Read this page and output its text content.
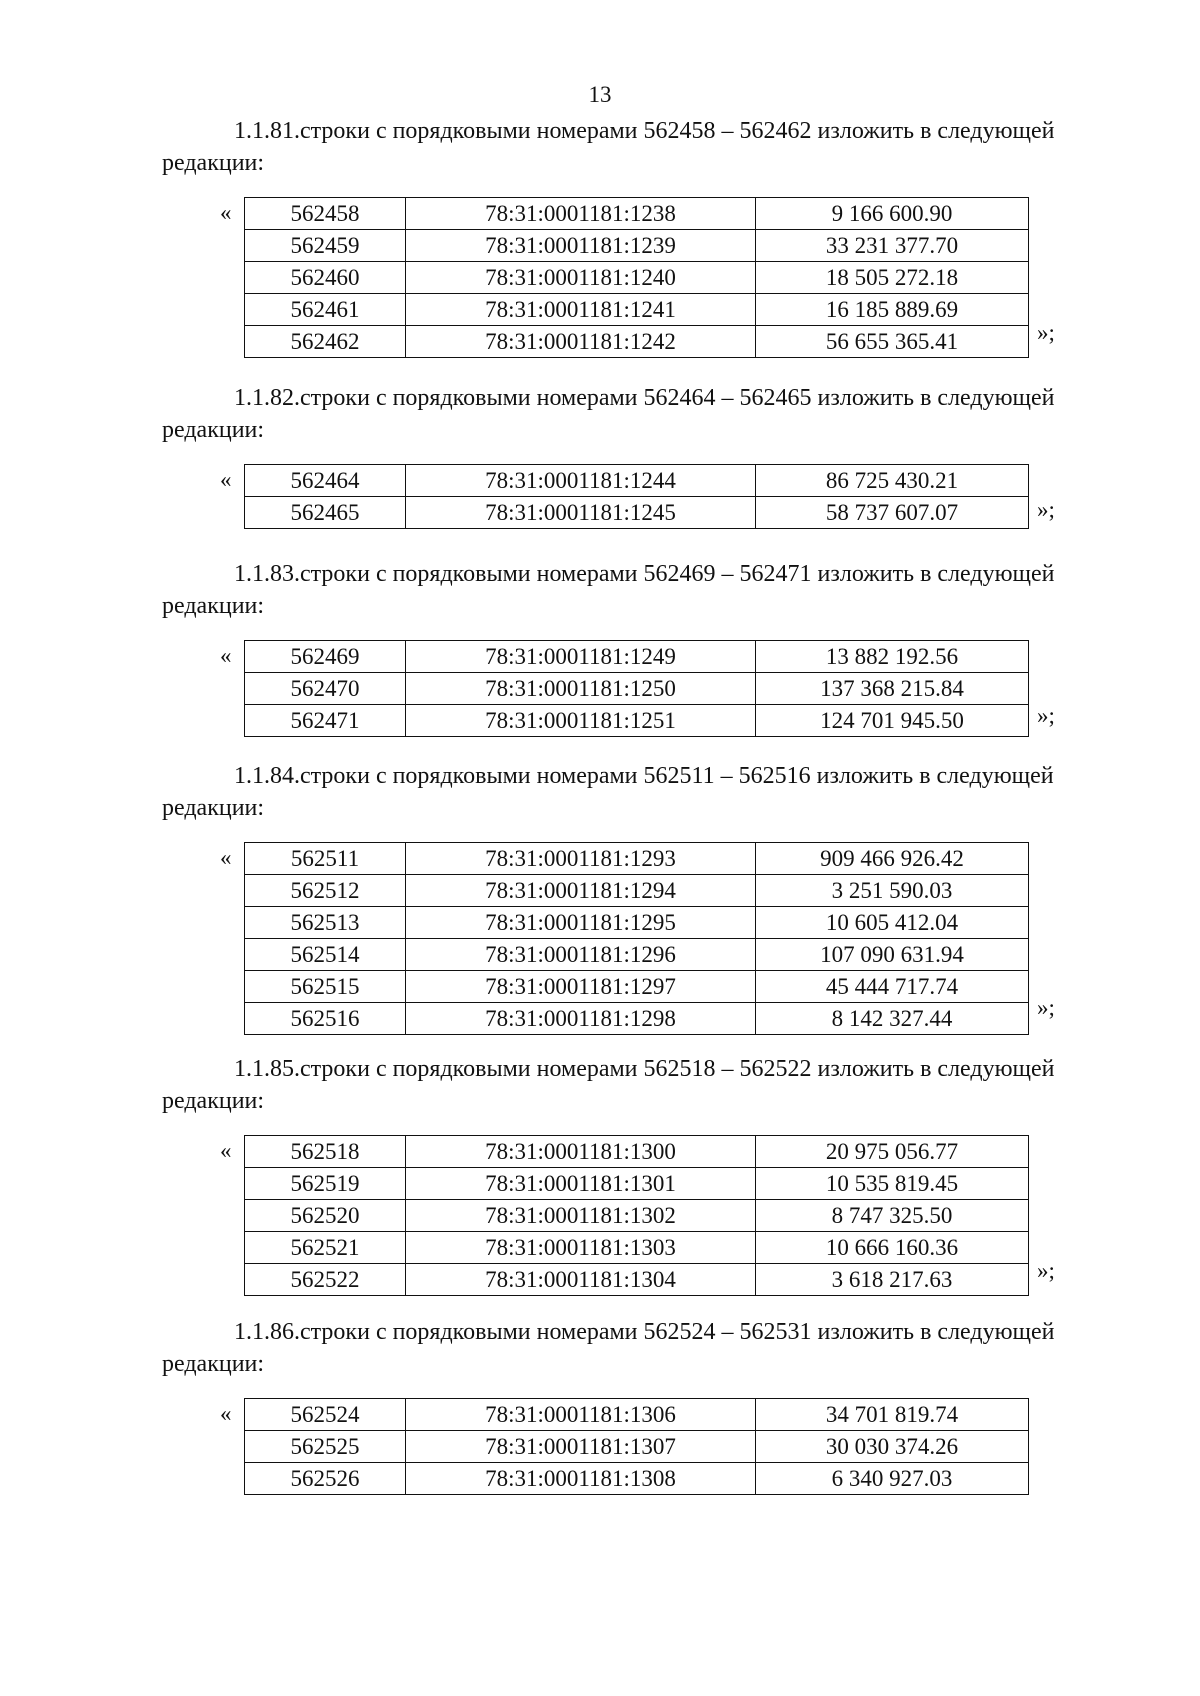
13

1.1.81.строки с порядковыми номерами 562458 – 562462 изложить в следующей

редакции:

«	562458	78:31:0001181:1238	9 166 600.90
562459	78:31:0001181:1239	33 231 377.70
562460	78:31:0001181:1240	18 505 272.18
562461	78:31:0001181:1241	16 185 889.69
562462	78:31:0001181:1242	56 655 365.41	»;

1.1.82.строки с порядковыми номерами 562464 – 562465 изложить в следующей

редакции:

«	562464	78:31:0001181:1244	86 725 430.21
562465	78:31:0001181:1245	58 737 607.07	»;

1.1.83.строки с порядковыми номерами 562469 – 562471 изложить в следующей

редакции:

«	562469	78:31:0001181:1249	13 882 192.56
562470	78:31:0001181:1250	137 368 215.84
562471	78:31:0001181:1251	124 701 945.50	»;

1.1.84.строки с порядковыми номерами 562511 – 562516 изложить в следующей

редакции:

«	562511	78:31:0001181:1293	909 466 926.42
562512	78:31:0001181:1294	3 251 590.03
562513	78:31:0001181:1295	10 605 412.04
562514	78:31:0001181:1296	107 090 631.94
562515	78:31:0001181:1297	45 444 717.74
562516	78:31:0001181:1298	8 142 327.44	»;

1.1.85.строки с порядковыми номерами 562518 – 562522 изложить в следующей

редакции:

«	562518	78:31:0001181:1300	20 975 056.77
562519	78:31:0001181:1301	10 535 819.45
562520	78:31:0001181:1302	8 747 325.50
562521	78:31:0001181:1303	10 666 160.36
562522	78:31:0001181:1304	3 618 217.63	»;

1.1.86.строки с порядковыми номерами 562524 – 562531 изложить в следующей

редакции:

«	562524	78:31:0001181:1306	34 701 819.74
562525	78:31:0001181:1307	30 030 374.26
562526	78:31:0001181:1308	6 340 927.03
